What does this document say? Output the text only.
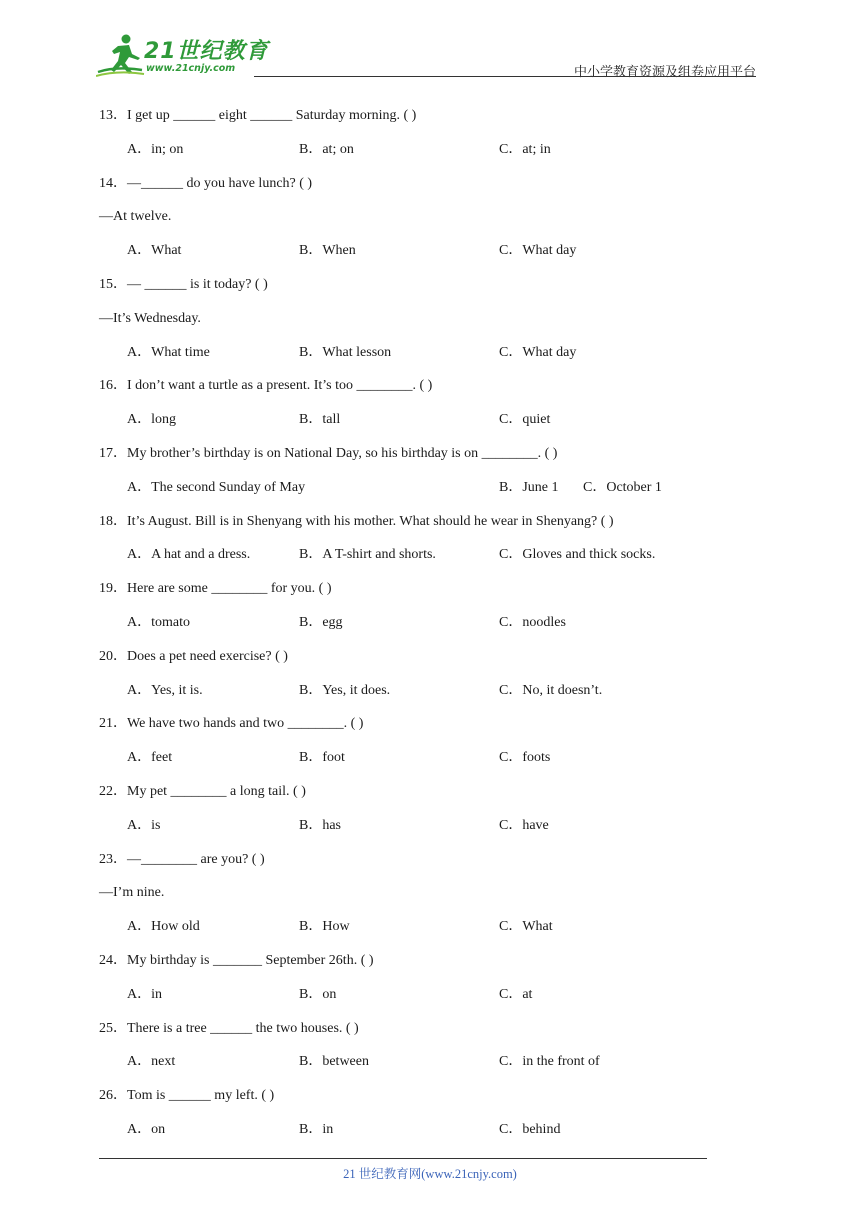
21世纪教育
www.21cnjy.com	中小学教育资源及组卷应用平台
13．I get up ______ eight ______ Saturday morning. ( )
A．in; on	B．at; on	C．at; in
14．—______ do you have lunch? ( )
—At twelve.
A．What	B．When	C．What day
15．— ______ is it today? ( )
—It’s Wednesday.
A．What time	B．What lesson	C．What day
16．I don’t want a turtle as a present. It’s too ________. ( )
A．long	B．tall	C．quiet
17．My brother’s birthday is on National Day, so his birthday is on ________. ( )
A．The second Sunday of May	B．June 1 C．October 1
18．It’s August. Bill is in Shenyang with his mother. What should he wear in Shenyang? ( )
A．A hat and a dress.	B．A T-shirt and shorts.	C．Gloves and thick socks.
19．Here are some ________ for you. ( )
A．tomato	B．egg	C．noodles
20．Does a pet need exercise? ( )
A．Yes, it is.	B．Yes, it does.	C．No, it doesn’t.
21．We have two hands and two ________. ( )
A．feet	B．foot	C．foots
22．My pet ________ a long tail. ( )
A．is	B．has	C．have
23．—________ are you? ( )
—I’m nine.
A．How old	B．How	C．What
24．My birthday is _______ September 26th. ( )
A．in	B．on	C．at
25．There is a tree ______ the two houses. ( )
A．next	B．between	C．in the front of
26．Tom is ______ my left. ( )
A．on	B．in	C．behind
21 世纪教育网(www.21cnjy.com)
